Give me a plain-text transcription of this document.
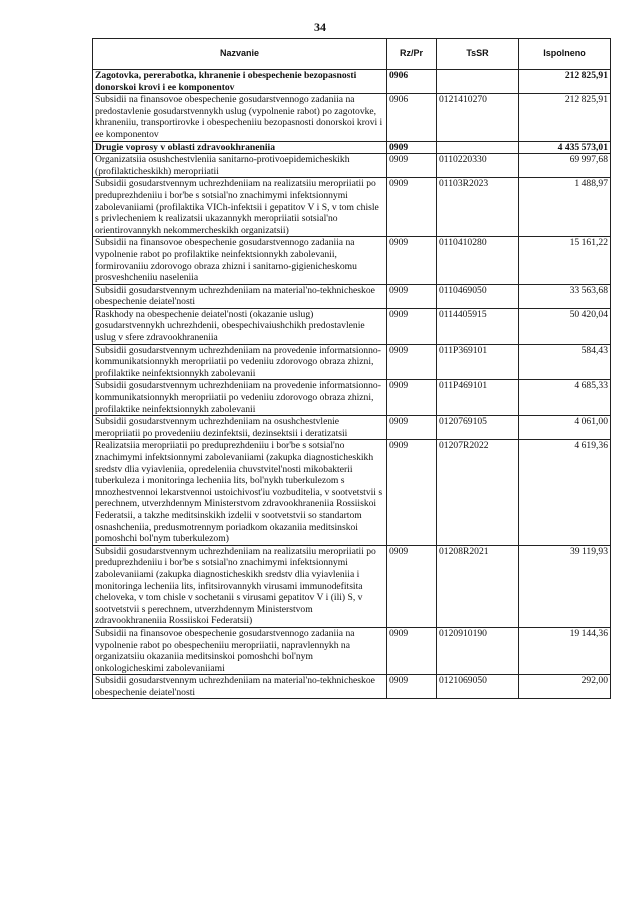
34
Nazvanie	Rz/Pr	TsSR	Ispolneno
Zagotovka, pererabotka, khranenie i obespechenie bezopasnosti donorskoi krovi i ee komponentov	0906		212 825,91
Subsidii na finansovoe obespechenie gosudarstvennogo zadaniia na predostavlenie gosudarstvennykh uslug (vypolnenie rabot) po zagotovke, khraneniiu, transportirovke i obespecheniiu bezopasnosti donorskoi krovi i ee komponentov	0906	0121410270	212 825,91
Drugie voprosy v oblasti zdravookhraneniia	0909		4 435 573,01
Organizatsiia osushchestvleniia sanitarno-protivoepidemicheskikh (profilakticheskikh) meropriiatii	0909	0110220330	69 997,68
Subsidii gosudarstvennym uchrezhdeniiam na realizatsiiu meropriiatii po preduprezhdeniiu i bor'be s sotsial'no znachimymi infektsionnymi zabolevaniiami (profilaktika VICh-infektsii i gepatitov V i S, v tom chisle s privlecheniem k realizatsii ukazannykh meropriiatii sotsial'no orientirovannykh nekommercheskikh organizatsii)	0909	01103R2023	1 488,97
Subsidii na finansovoe obespechenie gosudarstvennogo zadaniia na vypolnenie rabot po profilaktike neinfektsionnykh zabolevanii, formirovaniiu zdorovogo obraza zhizni i sanitarno-gigienicheskomu prosveshcheniiu naseleniia	0909	0110410280	15 161,22
Subsidii gosudarstvennym uchrezhdeniiam na material'no-tekhnicheskoe obespechenie deiatel'nosti	0909	0110469050	33 563,68
Raskhody na obespechenie deiatel'nosti (okazanie uslug) gosudarstvennykh uchrezhdenii, obespechivaiushchikh predostavlenie uslug v sfere zdravookhraneniia	0909	0114405915	50 420,04
Subsidii gosudarstvennym uchrezhdeniiam na provedenie informatsionno-kommunikatsionnykh meropriiatii po vedeniiu zdorovogo obraza zhizni, profilaktike neinfektsionnykh zabolevanii	0909	011P369101	584,43
Subsidii gosudarstvennym uchrezhdeniiam na provedenie informatsionno-kommunikatsionnykh meropriiatii po vedeniiu zdorovogo obraza zhizni, profilaktike neinfektsionnykh zabolevanii	0909	011P469101	4 685,33
Subsidii gosudarstvennym uchrezhdeniiam na osushchestvlenie meropriiatii po provedeniiu dezinfektsii, dezinsektsii i deratizatsii	0909	0120769105	4 061,00
Realizatsiia meropriiatii po preduprezhdeniiu i bor'be s sotsial'no znachimymi infektsionnymi zabolevaniiami (zakupka diagnosticheskikh sredstv dlia vyiavleniia, opredeleniia chuvstvitel'nosti mikobakterii tuberkuleza i monitoringa lecheniia lits, bol'nykh tuberkulezom s mnozhestvennoi lekarstvennoi ustoichivost'iu vozbuditelia, v sootvetstvii s perechnem, utverzhdennym Ministerstvom zdravookhraneniia Rossiiskoi Federatsii, a takzhe meditsinskikh izdelii v sootvetstvii so standartom osnashcheniia, predusmotrennym poriadkom okazaniia meditsinskoi pomoshchi bol'nym tuberkulezom)	0909	01207R2022	4 619,36
Subsidii gosudarstvennym uchrezhdeniiam na realizatsiiu meropriiatii po preduprezhdeniiu i bor'be s sotsial'no znachimymi infektsionnymi zabolevaniiami (zakupka diagnosticheskikh sredstv dlia vyiavleniia i monitoringa lecheniia lits, infitsirovannykh virusami immunodefitsita cheloveka, v tom chisle v sochetanii s virusami gepatitov V i (ili) S, v sootvetstvii s perechnem, utverzhdennym Ministerstvom zdravookhraneniia Rossiiskoi Federatsii)	0909	01208R2021	39 119,93
Subsidii na finansovoe obespechenie gosudarstvennogo zadaniia na vypolnenie rabot po obespecheniiu meropriiatii, napravlennykh na organizatsiiu okazaniia meditsinskoi pomoshchi bol'nym onkologicheskimi zabolevaniiami	0909	0120910190	19 144,36
Subsidii gosudarstvennym uchrezhdeniiam na material'no-tekhnicheskoe obespechenie deiatel'nosti	0909	0121069050	292,00
